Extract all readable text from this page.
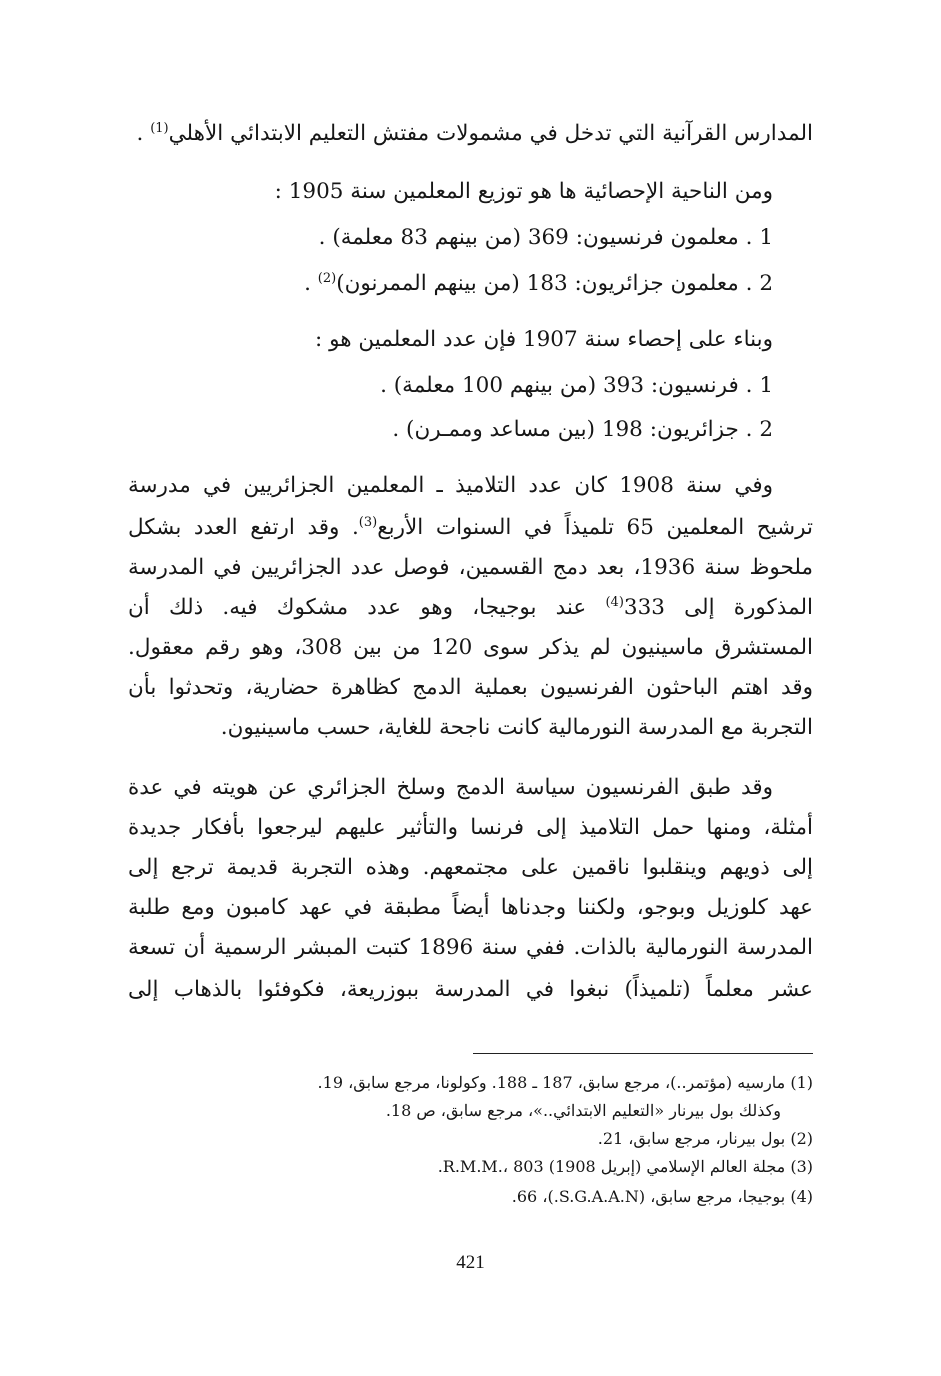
المدارس القرآنية التي تدخل في مشمولات مفتش التعليم الابتدائي الأهلي$^{(1)}$ .
ومن الناحية الإحصائية ها هو توزيع المعلمين سنة 1905 :
1 . معلمون فرنسيون: 369 (من بينهم 83 معلمة) .
2 . معلمون جزائريون: 183 (من بينهم الممرنون)$^{(2)}$ .
وبناء على إحصاء سنة 1907 فإن عدد المعلمين هو :
1 . فرنسيون: 393 (من بينهم 100 معلمة) .
2 . جزائريون: 198 (بين مساعد وممـرن) .
وفي سنة 1908 كان عدد التلاميذ ـ المعلمين الجزائريين في مدرسة
ترشيح المعلمين 65 تلميذاً في السنوات الأربع$^{(3)}$. وقد ارتفع العدد بشكل
ملحوظ سنة 1936، بعد دمج القسمين، فوصل عدد الجزائريين في المدرسة
المذكورة إلى 333$^{(4)}$ عند بوجيجا، وهو عدد مشكوك فيه. ذلك أن
المستشرق ماسينيون لم يذكر سوى 120 من بين 308، وهو رقم معقول.
وقد اهتم الباحثون الفرنسيون بعملية الدمج كظاهرة حضارية، وتحدثوا بأن
التجربة مع المدرسة النورمالية كانت ناجحة للغاية، حسب ماسينيون.
وقد طبق الفرنسيون سياسة الدمج وسلخ الجزائري عن هويته في عدة
أمثلة، ومنها حمل التلاميذ إلى فرنسا والتأثير عليهم ليرجعوا بأفكار جديدة
إلى ذويهم وينقلبوا ناقمين على مجتمعهم. وهذه التجربة قديمة ترجع إلى
عهد كلوزيل وبوجو، ولكننا وجدناها أيضاً مطبقة في عهد كامبون ومع طلبة
المدرسة النورمالية بالذات. ففي سنة 1896 كتبت المبشر الرسمية أن تسعة
عشر معلماً (تلميذاً) نبغوا في المدرسة ببوزريعة، فكوفئوا بالذهاب إلى
(1) مارسيه (مؤتمر..)، مرجع سابق، 187 ـ 188. وكولونا، مرجع سابق، 19.
وكذلك بول بيرنار «التعليم الابتدائي..»، مرجع سابق، ص 18.
(2) بول بيرنار، مرجع سابق، 21.
(3) مجلة العالم الإسلامي (إبريل 1908) R.M.M.، 803.
(4) بوجيجا، مرجع سابق، (S.G.A.A.N.)، 66.
421
